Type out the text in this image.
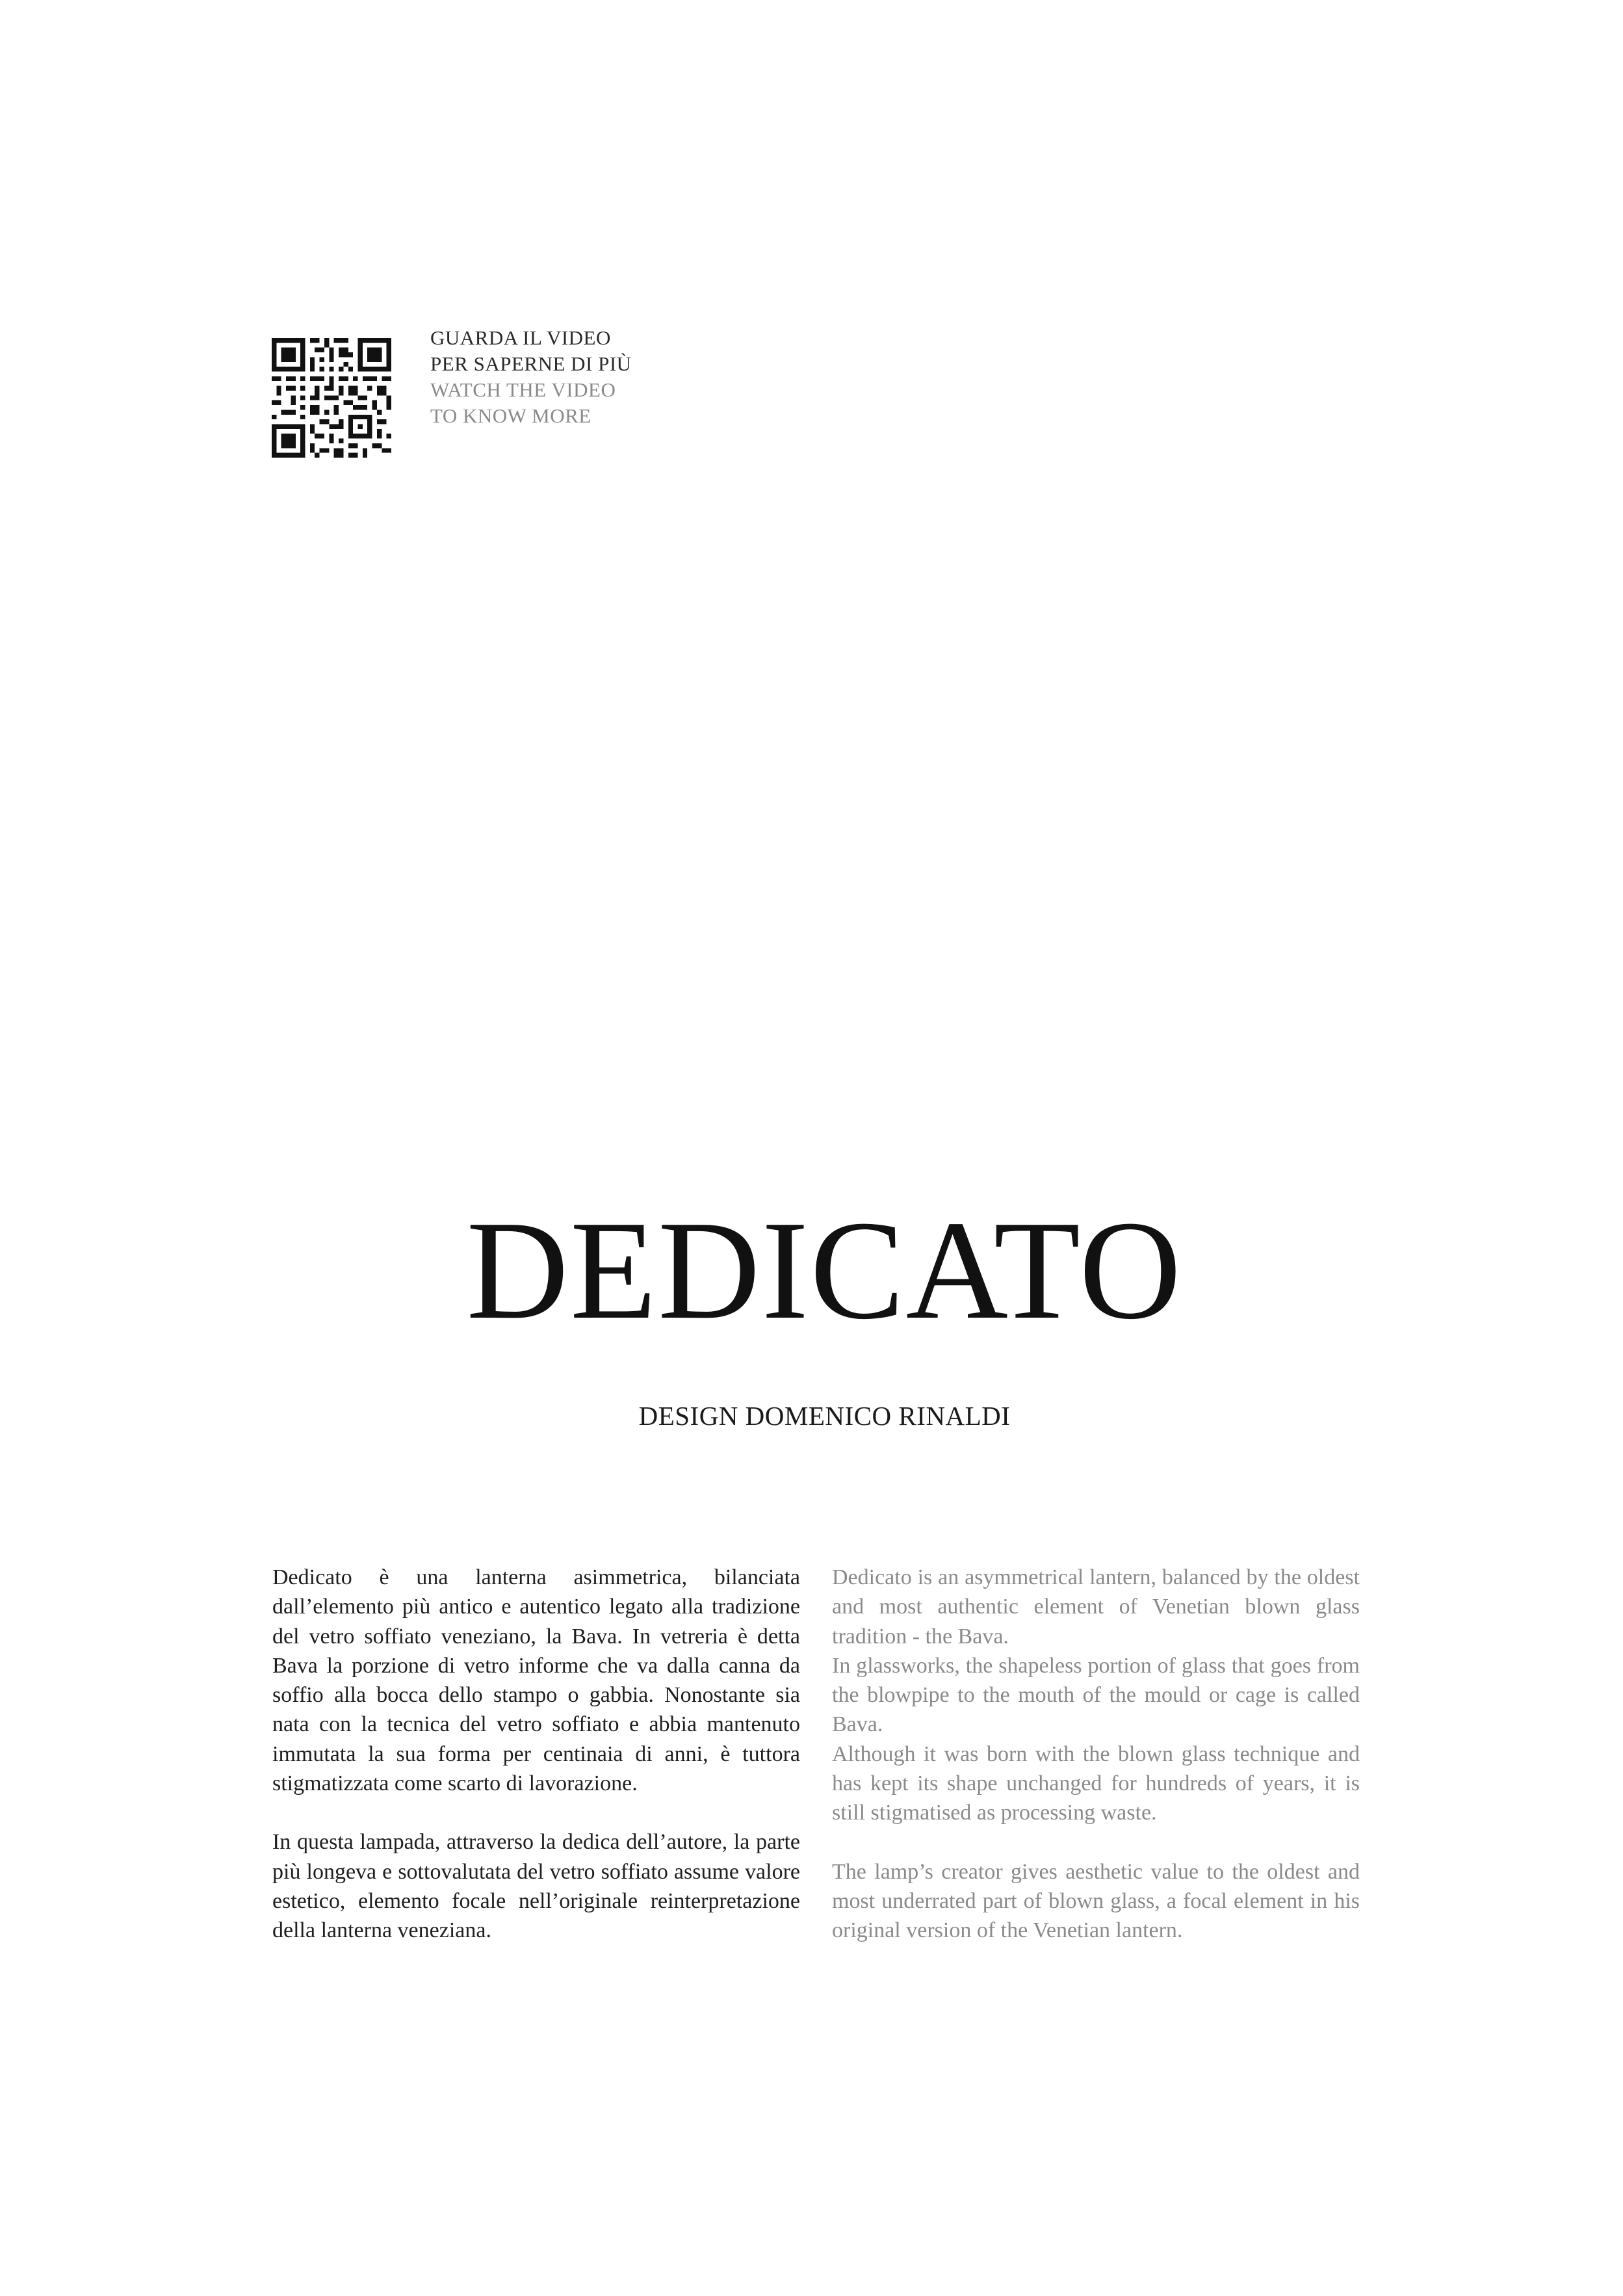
GUARDA IL VIDEO PER SAPERNE DI PIÙ WATCH THE VIDEO TO KNOW MORE
DEDICATO
DESIGN DOMENICO RINALDI

Dedicato è una lanterna asimmetrica, bilanciata dall’elemento più antico e autentico legato alla tradizione del vetro soffiato veneziano, la Bava. In vetreria è detta Bava la porzione di vetro informe che va dalla canna da soffio alla bocca dello stampo o gabbia. Nonostante sia nata con la tecnica del vetro soffiato e abbia mantenuto immutata la sua forma per centinaia di anni, è tuttora stigmatizzata come scarto di lavorazione.

In questa lampada, attraverso la dedica dell’autore, la parte più longeva e sottovalutata del vetro soffiato assume valore estetico, elemento focale nell’originale reinterpretazione della lanterna veneziana.

Dedicato is an asymmetrical lantern, balanced by the oldest and most authentic element of Venetian blown glass tradition - the Bava.
In glassworks, the shapeless portion of glass that goes from the blowpipe to the mouth of the mould or cage is called Bava.
Although it was born with the blown glass technique and has kept its shape unchanged for hundreds of years, it is still stigmatised as processing waste.

The lamp’s creator gives aesthetic value to the oldest and most underrated part of blown glass, a focal element in his original version of the Venetian lantern.
